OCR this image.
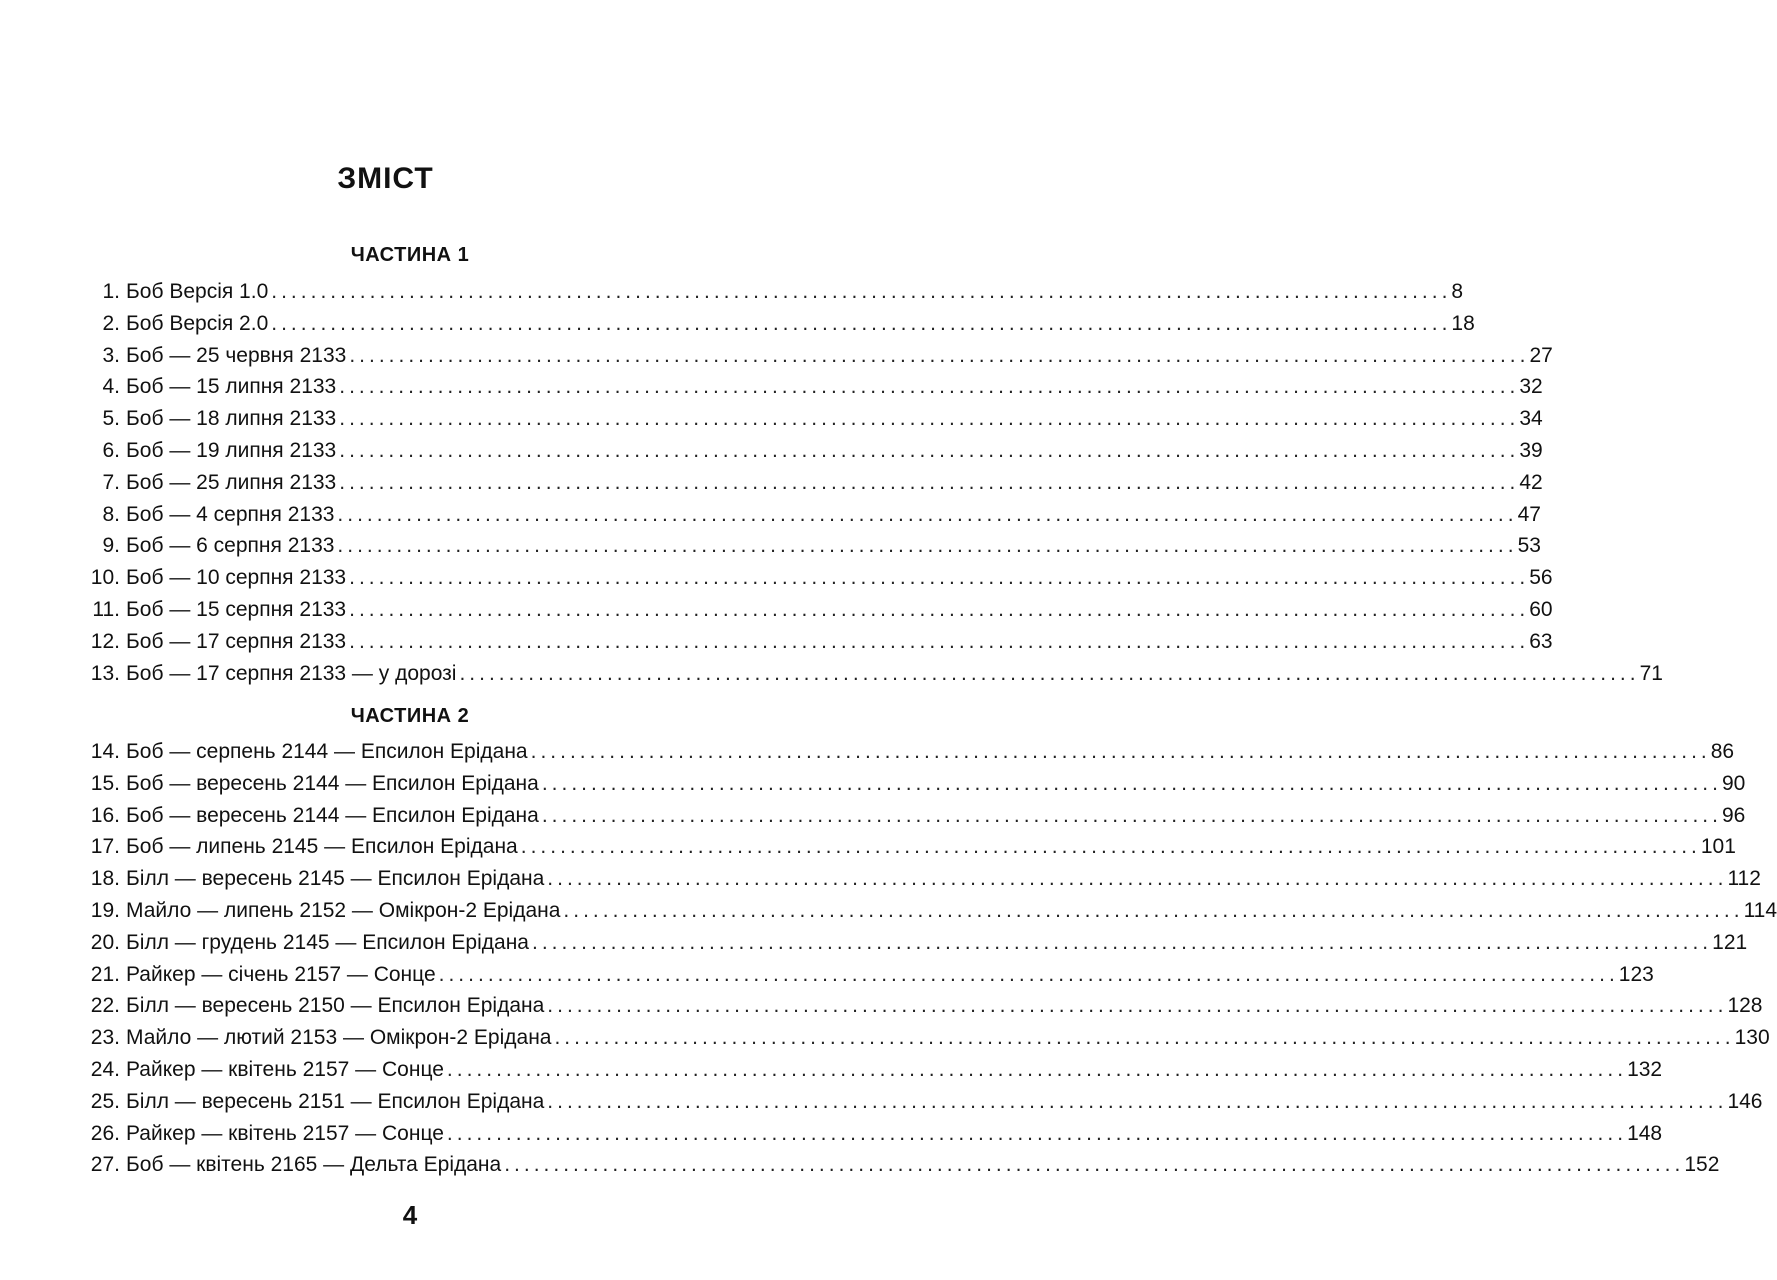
ЗМІСТ
ЧАСТИНА 1
1. Боб Версія 1.0 ........................................................................................................................ 8
2. Боб Версія 2.0 ........................................................................................................................ 18
3. Боб — 25 червня 2133 ........................................................................................................................ 27
4. Боб — 15 липня 2133 ........................................................................................................................ 32
5. Боб — 18 липня 2133 ........................................................................................................................ 34
6. Боб — 19 липня 2133 ........................................................................................................................ 39
7. Боб — 25 липня 2133 ........................................................................................................................ 42
8. Боб — 4 серпня 2133 ........................................................................................................................ 47
9. Боб — 6 серпня 2133 ........................................................................................................................ 53
10. Боб — 10 серпня 2133 ........................................................................................................................ 56
11. Боб — 15 серпня 2133 ........................................................................................................................ 60
12. Боб — 17 серпня 2133 ........................................................................................................................ 63
13. Боб — 17 серпня 2133 — у дорозі ........................................................................................................................ 71
ЧАСТИНА 2
14. Боб — серпень 2144 — Епсилон Ерідана ........................................................................................................................ 86
15. Боб — вересень 2144 — Епсилон Ерідана ........................................................................................................................ 90
16. Боб — вересень 2144 — Епсилон Ерідана ........................................................................................................................ 96
17. Боб — липень 2145 — Епсилон Ерідана ........................................................................................................................ 101
18. Білл — вересень 2145 — Епсилон Ерідана ........................................................................................................................ 112
19. Майло — липень 2152 — Омікрон-2 Ерідана ........................................................................................................................ 114
20. Білл — грудень 2145 — Епсилон Ерідана ........................................................................................................................ 121
21. Райкер — січень 2157 — Сонце ........................................................................................................................ 123
22. Білл — вересень 2150 — Епсилон Ерідана ........................................................................................................................ 128
23. Майло — лютий 2153 — Омікрон-2 Ерідана ........................................................................................................................ 130
24. Райкер — квітень 2157 — Сонце ........................................................................................................................ 132
25. Білл — вересень 2151 — Епсилон Ерідана ........................................................................................................................ 146
26. Райкер — квітень 2157 — Сонце ........................................................................................................................ 148
27. Боб — квітень 2165 — Дельта Ерідана ........................................................................................................................ 152
4
